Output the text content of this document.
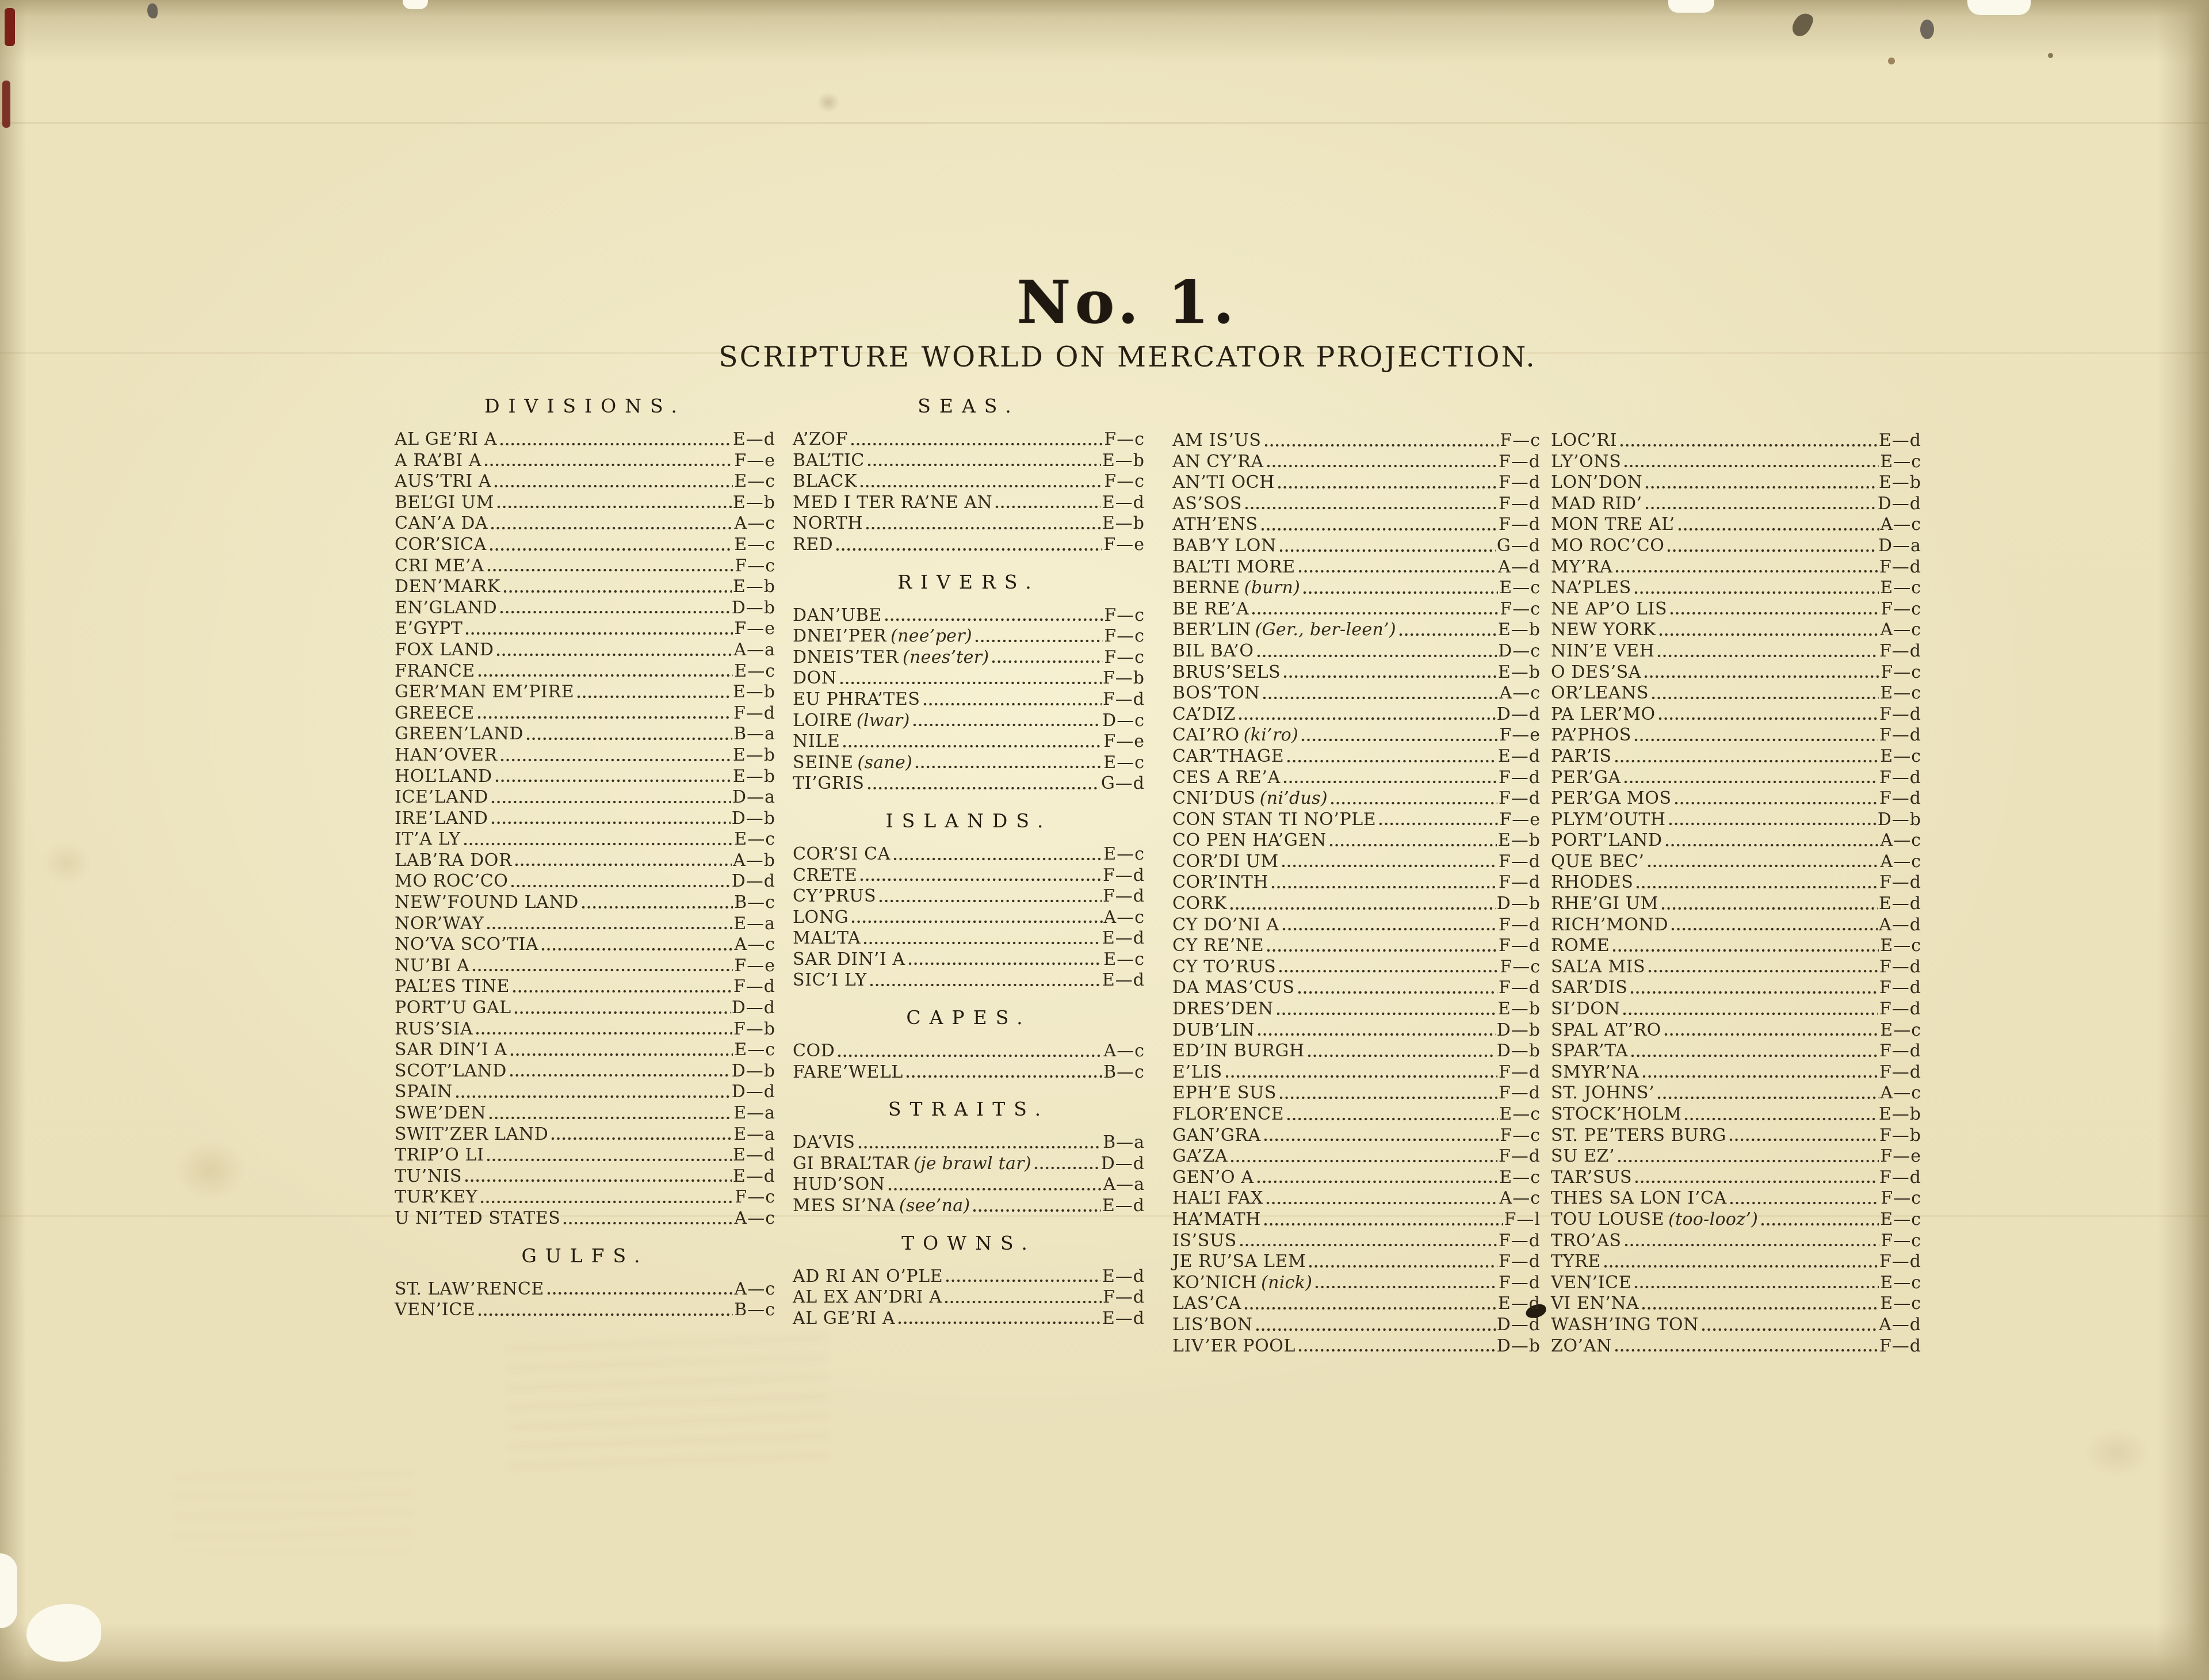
No. 1.
SCRIPTURE WORLD ON MERCATOR PROJECTION.
DIVISIONS.
AL GE’RI A	E—d
A RA’BI A	F—e
AUS’TRI A	E—c
BEL’GI UM	E—b
CAN’A DA	A—c
COR’SICA	E—c
CRI ME’A	F—c
DEN’MARK	E—b
EN’GLAND	D—b
E’GYPT	F—e
FOX LAND	A—a
FRANCE	E—c
GER’MAN EM’PIRE	E—b
GREECE	F—d
GREEN’LAND	B—a
HAN’OVER	E—b
HOL’LAND	E—b
ICE’LAND	D—a
IRE’LAND	D—b
IT’A LY	E—c
LAB’RA DOR	A—b
MO ROC’CO	D—d
NEW’FOUND LAND	B—c
NOR’WAY	E—a
NO’VA SCO’TIA	A—c
NU’BI A	F—e
PAL’ES TINE	F—d
PORT’U GAL	D—d
RUS’SIA	F—b
SAR DIN’I A	E—c
SCOT’LAND	D—b
SPAIN	D—d
SWE’DEN	E—a
SWIT’ZER LAND	E—a
TRIP’O LI	E—d
TU’NIS	E—d
TUR’KEY	F—c
U NI’TED STATES	A—c
GULFS.
ST. LAW’RENCE	A—c
VEN’ICE	B—c
SEAS.
A’ZOF	F—c
BAL’TIC	E—b
BLACK	F—c
MED I TER RA’NE AN	E—d
NORTH	E—b
RED	F—e
RIVERS.
DAN’UBE	F—c
DNEI’PER (nee’per)	F—c
DNEIS’TER (nees’ter)	F—c
DON	F—b
EU PHRA’TES	F—d
LOIRE (lwar)	D—c
NILE	F—e
SEINE (sane)	E—c
TI’GRIS	G—d
ISLANDS.
COR’SI CA	E—c
CRETE	F—d
CY’PRUS	F—d
LONG	A—c
MAL’TA	E—d
SAR DIN’I A	E—c
SIC’I LY	E—d
CAPES.
COD	A—c
FARE’WELL	B—c
STRAITS.
DA’VIS	B—a
GI BRAL’TAR (je brawl tar)	D—d
HUD’SON	A—a
MES SI’NA (see’na)	E—d
TOWNS.
AD RI AN O’PLE	E—d
AL EX AN’DRI A	F—d
AL GE’RI A	E—d
AM IS’US	F—c
AN CY’RA	F—d
AN’TI OCH	F—d
AS’SOS	F—d
ATH’ENS	F—d
BAB’Y LON	G—d
BAL’TI MORE	A—d
BERNE (burn)	E—c
BE RE’A	F—c
BER’LIN (Ger., ber-leen’)	E—b
BIL BA’O	D—c
BRUS’SELS	E—b
BOS’TON	A—c
CA’DIZ	D—d
CAI’RO (ki’ro)	F—e
CAR’THAGE	E—d
CES A RE’A	F—d
CNI’DUS (ni’dus)	F—d
CON STAN TI NO’PLE	F—e
CO PEN HA’GEN	E—b
COR’DI UM	F—d
COR’INTH	F—d
CORK	D—b
CY DO’NI A	F—d
CY RE’NE	F—d
CY TO’RUS	F—c
DA MAS’CUS	F—d
DRES’DEN	E—b
DUB’LIN	D—b
ED’IN BURGH	D—b
E’LIS	F—d
EPH’E SUS	F—d
FLOR’ENCE	E—c
GAN’GRA	F—c
GA’ZA	F—d
GEN’O A	E—c
HAL’I FAX	A—c
HA’MATH	F—l
IS’SUS	F—d
JE RU’SA LEM	F—d
KO’NICH (nick)	F—d
LAS’CA	E—d
LIS’BON	D—d
LIV’ER POOL	D—b
LOC’RI	E—d
LY’ONS	E—c
LON’DON	E—b
MAD RID’	D—d
MON TRE AL’	A—c
MO ROC’CO	D—a
MY’RA	F—d
NA’PLES	E—c
NE AP’O LIS	F—c
NEW YORK	A—c
NIN’E VEH	F—d
O DES’SA	F—c
OR’LEANS	E—c
PA LER’MO	F—d
PA’PHOS	F—d
PAR’IS	E—c
PER’GA	F—d
PER’GA MOS	F—d
PLYM’OUTH	D—b
PORT’LAND	A—c
QUE BEC’	A—c
RHODES	F—d
RHE’GI UM	E—d
RICH’MOND	A—d
ROME	E—c
SAL’A MIS	F—d
SAR’DIS	F—d
SI’DON	F—d
SPAL AT’RO	E—c
SPAR’TA	F—d
SMYR’NA	F—d
ST. JOHNS’	A—c
STOCK’HOLM	E—b
ST. PE’TERS BURG	F—b
SU EZ’	F—e
TAR’SUS	F—d
THES SA LON I’CA	F—c
TOU LOUSE (too-looz’)	E—c
TRO’AS	F—c
TYRE	F—d
VEN’ICE	E—c
VI EN’NA	E—c
WASH’ING TON	A—d
ZO’AN	F—d
